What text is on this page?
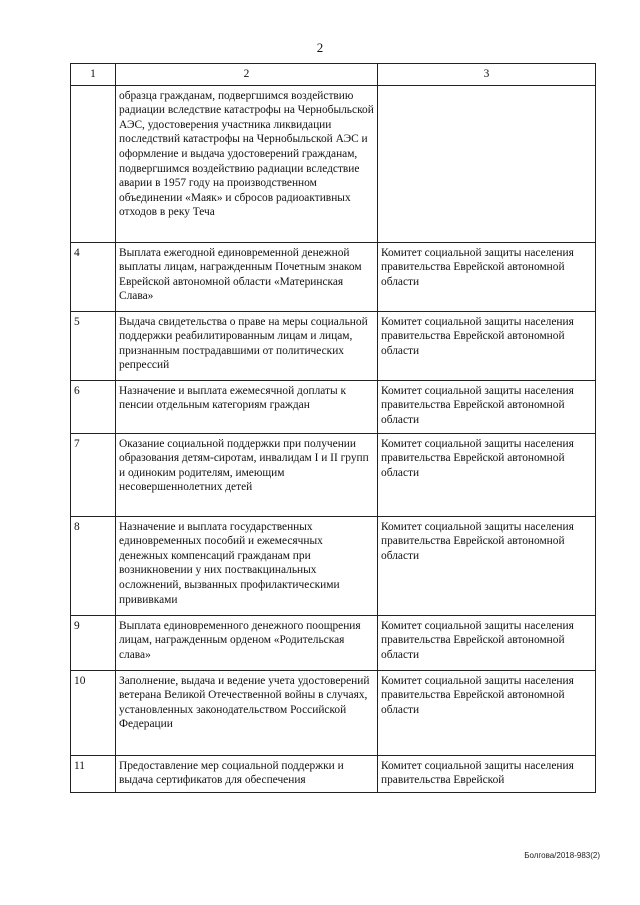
2
1	2	3
	образца гражданам, подвергшимся воздействию радиации вследствие катастрофы на Чернобыльской АЭС, удостоверения участника ликвидации последствий катастрофы на Чернобыльской АЭС и оформление и выдача удостоверений гражданам, подвергшимся воздействию радиации вследствие аварии в 1957 году на производственном объединении «Маяк» и сбросов радиоактивных отходов в реку Теча	
4	Выплата ежегодной единовременной денежной выплаты лицам, награжденным Почетным знаком Еврейской автономной области «Материнская Слава»	Комитет социальной защиты населения правительства Еврейской автономной области
5	Выдача свидетельства о праве на меры социальной поддержки реабилитированным лицам и лицам, признанным пострадавшими от политических репрессий	Комитет социальной защиты населения правительства Еврейской автономной области
6	Назначение и выплата ежемесячной доплаты к пенсии отдельным категориям граждан	Комитет социальной защиты населения правительства Еврейской автономной области
7	Оказание социальной поддержки при получении образования детям-сиротам, инвалидам I и II групп и одиноким родителям, имеющим несовершеннолетних детей	Комитет социальной защиты населения правительства Еврейской автономной области
8	Назначение и выплата государственных единовременных пособий и ежемесячных денежных компенсаций гражданам при возникновении у них поствакцинальных осложнений, вызванных профилактическими прививками	Комитет социальной защиты населения правительства Еврейской автономной области
9	Выплата единовременного денежного поощрения лицам, награжденным орденом «Родительская слава»	Комитет социальной защиты населения правительства Еврейской автономной области
10	Заполнение, выдача и ведение учета удостоверений ветерана Великой Отечественной войны в случаях, установленных законодательством Российской Федерации	Комитет социальной защиты населения правительства Еврейской автономной области
11	Предоставление мер социальной поддержки и выдача сертификатов для обеспечения	Комитет социальной защиты населения правительства Еврейской
Болгова/2018-983(2)
